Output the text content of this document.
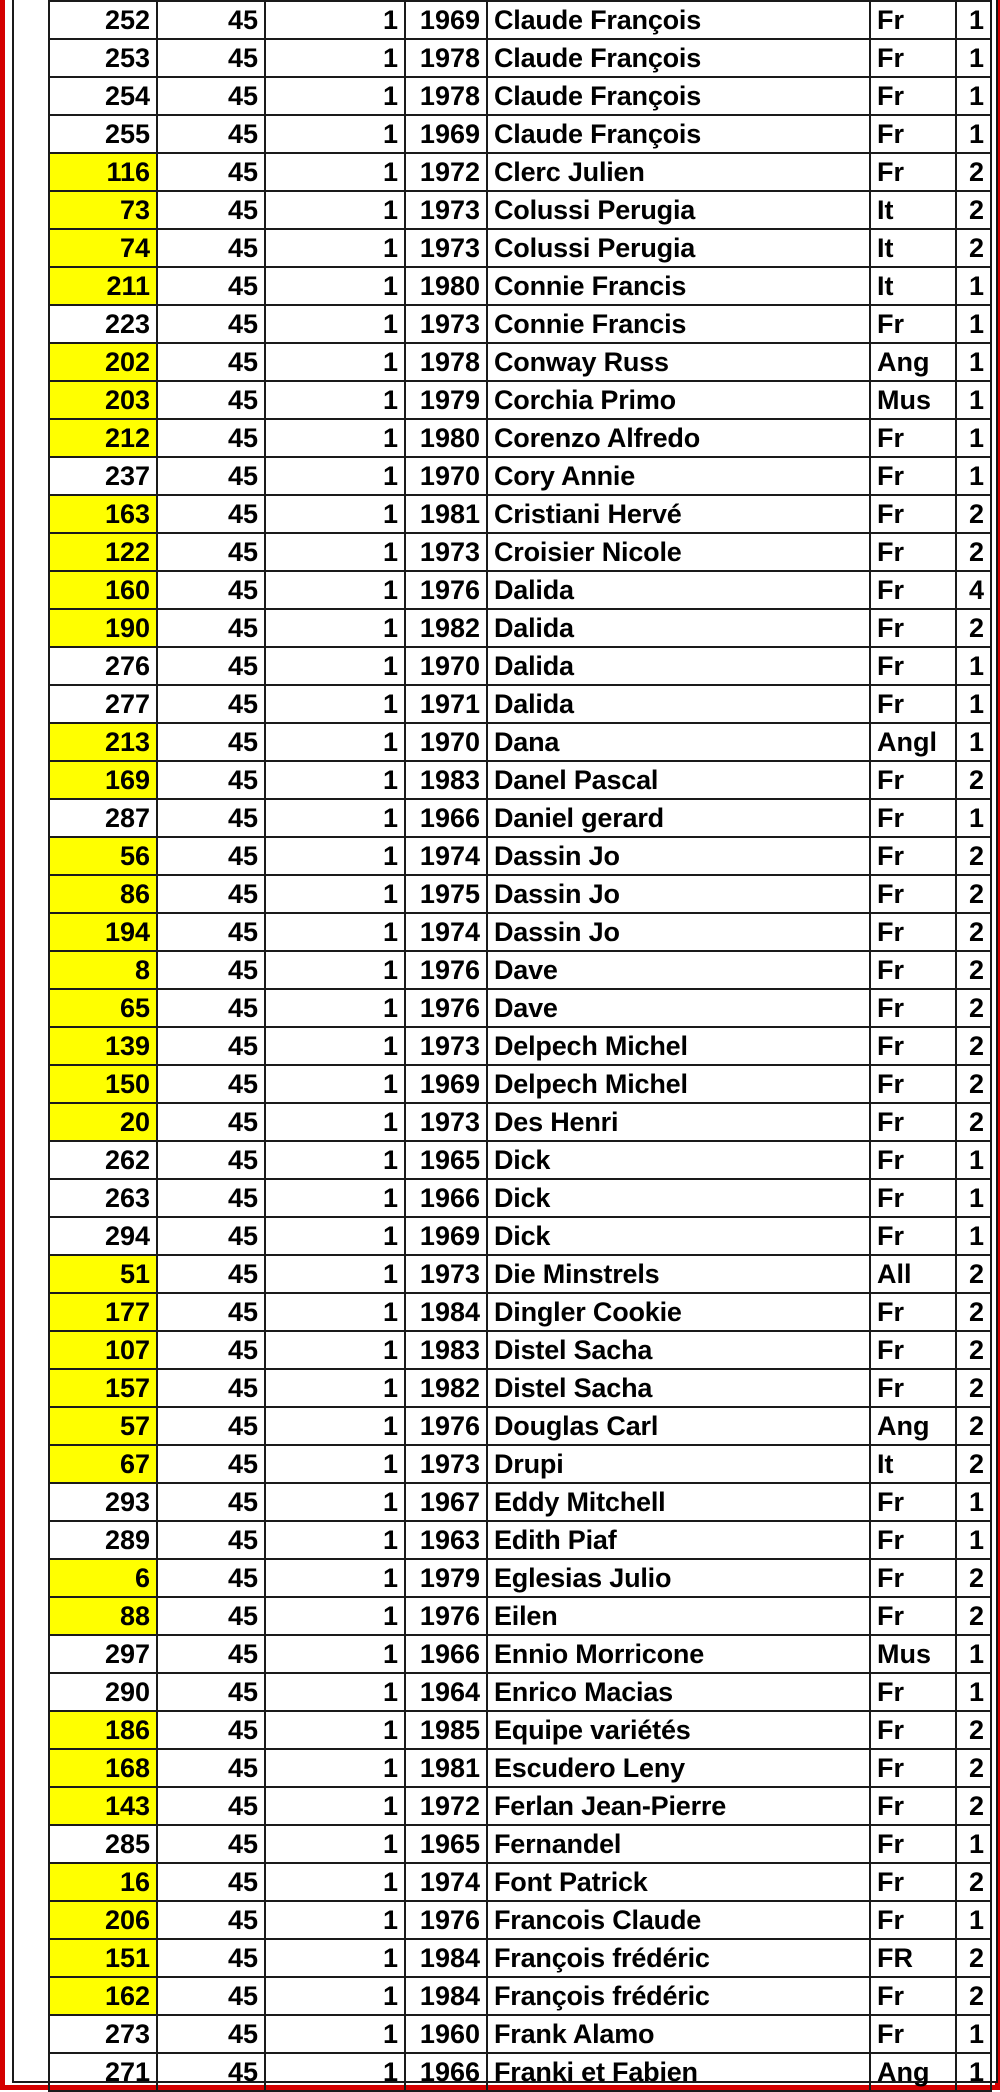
252	45	1	1969	Claude François	Fr	1
253	45	1	1978	Claude François	Fr	1
254	45	1	1978	Claude François	Fr	1
255	45	1	1969	Claude François	Fr	1
116	45	1	1972	Clerc Julien	Fr	2
73	45	1	1973	Colussi Perugia	It	2
74	45	1	1973	Colussi Perugia	It	2
211	45	1	1980	Connie Francis	It	1
223	45	1	1973	Connie Francis	Fr	1
202	45	1	1978	Conway Russ	Ang	1
203	45	1	1979	Corchia Primo	Mus	1
212	45	1	1980	Corenzo Alfredo	Fr	1
237	45	1	1970	Cory Annie	Fr	1
163	45	1	1981	Cristiani Hervé	Fr	2
122	45	1	1973	Croisier Nicole	Fr	2
160	45	1	1976	Dalida	Fr	4
190	45	1	1982	Dalida	Fr	2
276	45	1	1970	Dalida	Fr	1
277	45	1	1971	Dalida	Fr	1
213	45	1	1970	Dana	Angl	1
169	45	1	1983	Danel Pascal	Fr	2
287	45	1	1966	Daniel gerard	Fr	1
56	45	1	1974	Dassin Jo	Fr	2
86	45	1	1975	Dassin Jo	Fr	2
194	45	1	1974	Dassin Jo	Fr	2
8	45	1	1976	Dave	Fr	2
65	45	1	1976	Dave	Fr	2
139	45	1	1973	Delpech Michel	Fr	2
150	45	1	1969	Delpech Michel	Fr	2
20	45	1	1973	Des Henri	Fr	2
262	45	1	1965	Dick	Fr	1
263	45	1	1966	Dick	Fr	1
294	45	1	1969	Dick	Fr	1
51	45	1	1973	Die Minstrels	All	2
177	45	1	1984	Dingler Cookie	Fr	2
107	45	1	1983	Distel Sacha	Fr	2
157	45	1	1982	Distel Sacha	Fr	2
57	45	1	1976	Douglas Carl	Ang	2
67	45	1	1973	Drupi	It	2
293	45	1	1967	Eddy Mitchell	Fr	1
289	45	1	1963	Edith Piaf	Fr	1
6	45	1	1979	Eglesias Julio	Fr	2
88	45	1	1976	Eilen	Fr	2
297	45	1	1966	Ennio Morricone	Mus	1
290	45	1	1964	Enrico Macias	Fr	1
186	45	1	1985	Equipe variétés	Fr	2
168	45	1	1981	Escudero Leny	Fr	2
143	45	1	1972	Ferlan Jean-Pierre	Fr	2
285	45	1	1965	Fernandel	Fr	1
16	45	1	1974	Font Patrick	Fr	2
206	45	1	1976	Francois Claude	Fr	1
151	45	1	1984	François frédéric	FR	2
162	45	1	1984	François frédéric	Fr	2
273	45	1	1960	Frank Alamo	Fr	1
271	45	1	1966	Franki et Fabien	Ang	1
